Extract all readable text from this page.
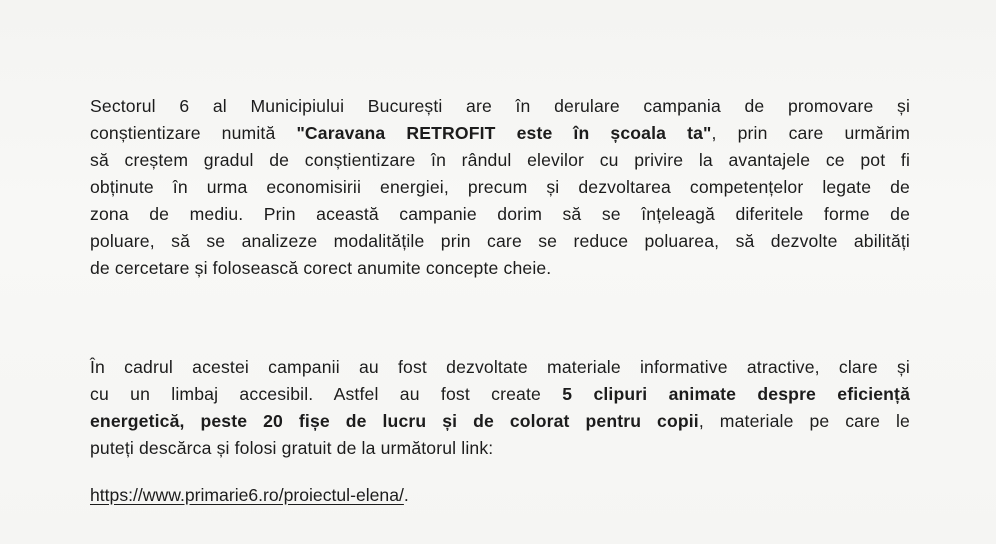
Sectorul 6 al Municipiului București are în derulare campania de promovare și
conștientizare numită "Caravana RETROFIT este în școala ta", prin care urmărim
să creștem gradul de conștientizare în rândul elevilor cu privire la avantajele ce pot fi
obținute în urma economisirii energiei, precum și dezvoltarea competențelor legate de
zona de mediu. Prin această campanie dorim să se înțeleagă diferitele forme de
poluare, să se analizeze modalitățile prin care se reduce poluarea, să dezvolte abilități
de cercetare și folosească corect anumite concepte cheie.
În cadrul acestei campanii au fost dezvoltate materiale informative atractive, clare și
cu un limbaj accesibil. Astfel au fost create 5 clipuri animate despre eficiență
energetică, peste 20 fișe de lucru și de colorat pentru copii, materiale pe care le
puteți descărca și folosi gratuit de la următorul link:
https://www.primarie6.ro/proiectul-elena/.
